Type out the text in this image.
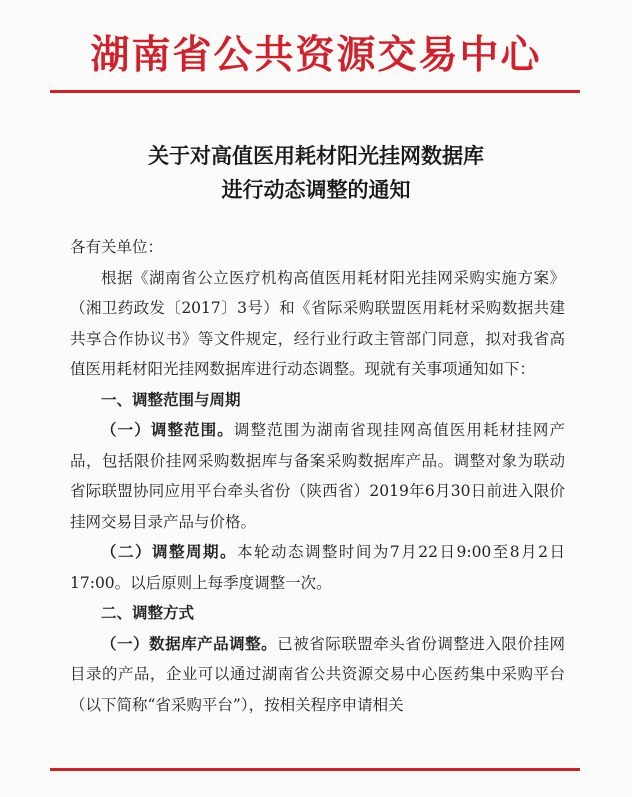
湖南省公共资源交易中心
关于对高值医用耗材阳光挂网数据库
进行动态调整的通知

各有关单位：

根据《湖南省公立医疗机构高值医用耗材阳光挂网采购实施方案》（湘卫药政发〔2017〕3号）和《省际采购联盟医用耗材采购数据共建共享合作协议书》等文件规定，经行业行政主管部门同意，拟对我省高值医用耗材阳光挂网数据库进行动态调整。现就有关事项通知如下：

一、调整范围与周期

（一）调整范围。调整范围为湖南省现挂网高值医用耗材挂网产品，包括限价挂网采购数据库与备案采购数据库产品。调整对象为联动省际联盟协同应用平台牵头省份（陕西省）2019年6月30日前进入限价挂网交易目录产品与价格。

（二）调整周期。本轮动态调整时间为7月22日9:00至8月2日17:00。以后原则上每季度调整一次。

二、调整方式

（一）数据库产品调整。已被省际联盟牵头省份调整进入限价挂网目录的产品，企业可以通过湖南省公共资源交易中心医药集中采购平台（以下简称“省采购平台”），按相关程序申请相关
